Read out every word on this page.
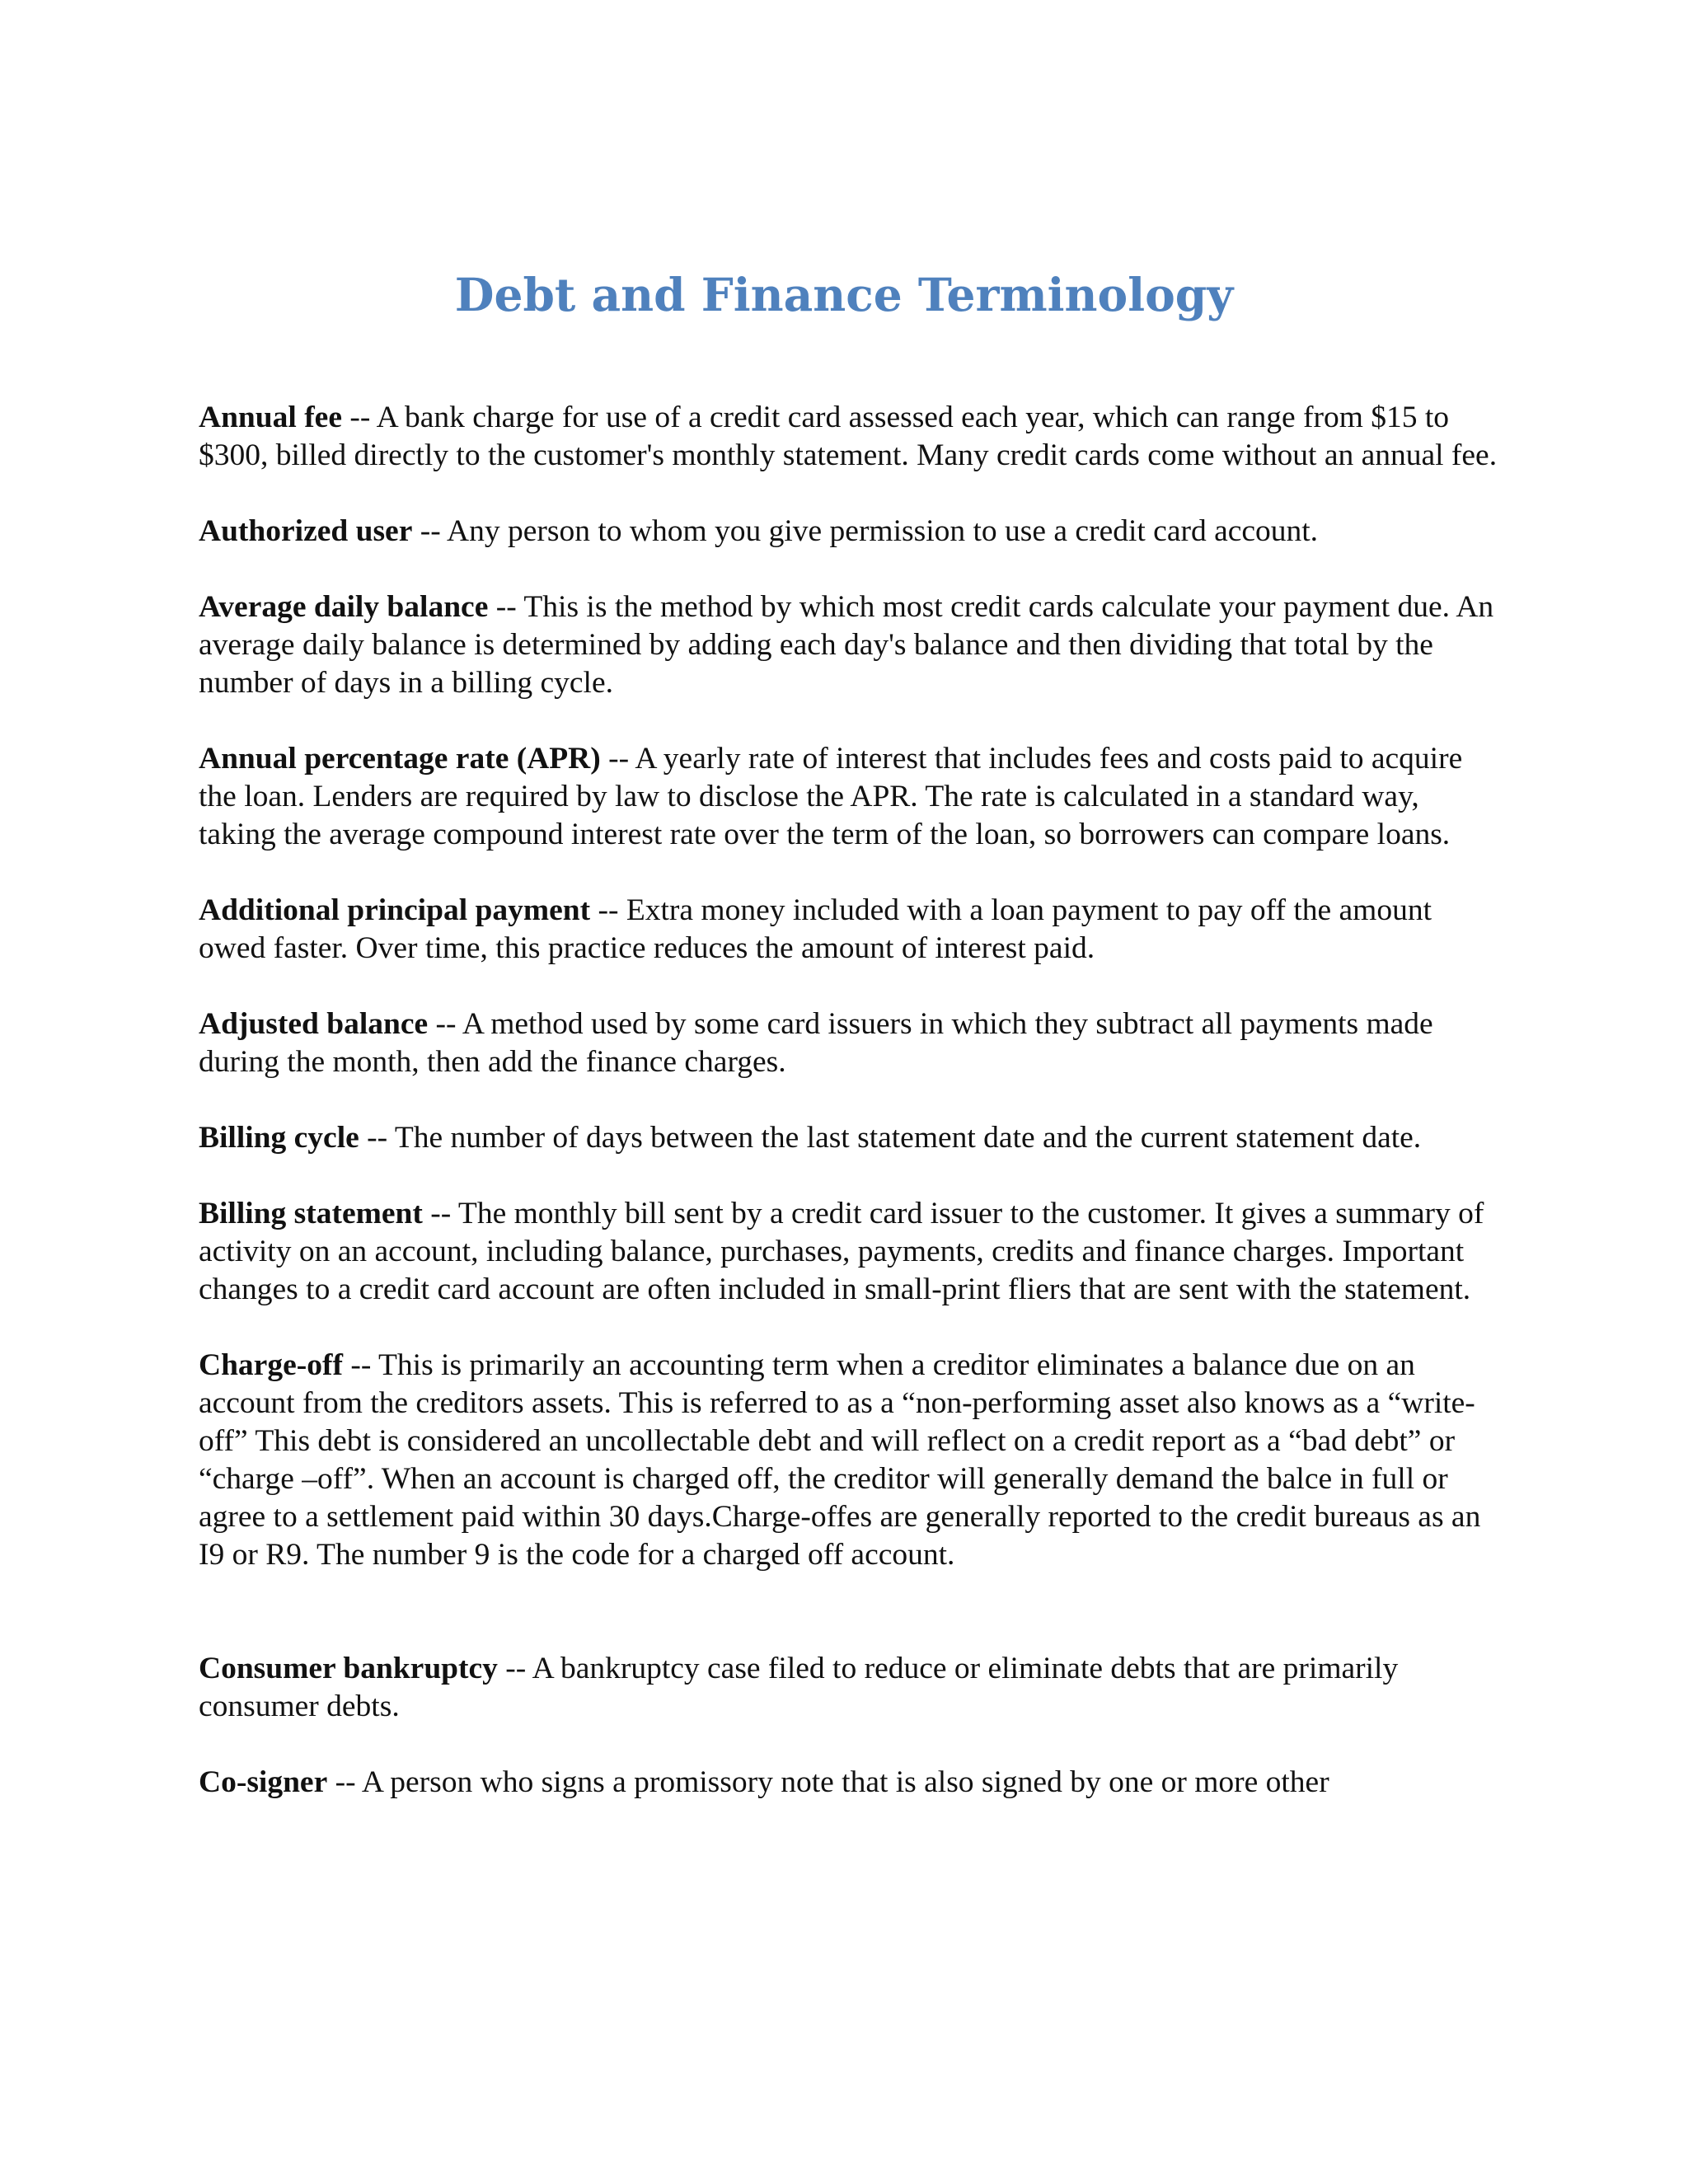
Debt and Finance Terminology

Annual fee -- A bank charge for use of a credit card assessed each year, which can range from $15 to $300, billed directly to the customer's monthly statement. Many credit cards come without an annual fee.

Authorized user -- Any person to whom you give permission to use a credit card account.

Average daily balance -- This is the method by which most credit cards calculate your payment due. An average daily balance is determined by adding each day's balance and then dividing that total by the number of days in a billing cycle.

Annual percentage rate (APR) -- A yearly rate of interest that includes fees and costs paid to acquire the loan. Lenders are required by law to disclose the APR. The rate is calculated in a standard way, taking the average compound interest rate over the term of the loan, so borrowers can compare loans.

Additional principal payment -- Extra money included with a loan payment to pay off the amount owed faster. Over time, this practice reduces the amount of interest paid.

Adjusted balance -- A method used by some card issuers in which they subtract all payments made during the month, then add the finance charges.

Billing cycle -- The number of days between the last statement date and the current statement date.

Billing statement -- The monthly bill sent by a credit card issuer to the customer. It gives a summary of activity on an account, including balance, purchases, payments, credits and finance charges. Important changes to a credit card account are often included in small-print fliers that are sent with the statement.

Charge-off -- This is primarily an accounting term when a creditor eliminates a balance due on an account from the creditors assets. This is referred to as a “non-performing asset also knows as a “write-off” This debt is considered an uncollectable debt and will reflect on a credit report as a “bad debt” or “charge –off”. When an account is charged off, the creditor will generally demand the balce in full or agree to a settlement paid within 30 days.Charge-offes are generally reported to the credit bureaus as an I9 or R9. The number 9 is the code for a charged off account.

Consumer bankruptcy -- A bankruptcy case filed to reduce or eliminate debts that are primarily consumer debts.

Co-signer -- A person who signs a promissory note that is also signed by one or more other
